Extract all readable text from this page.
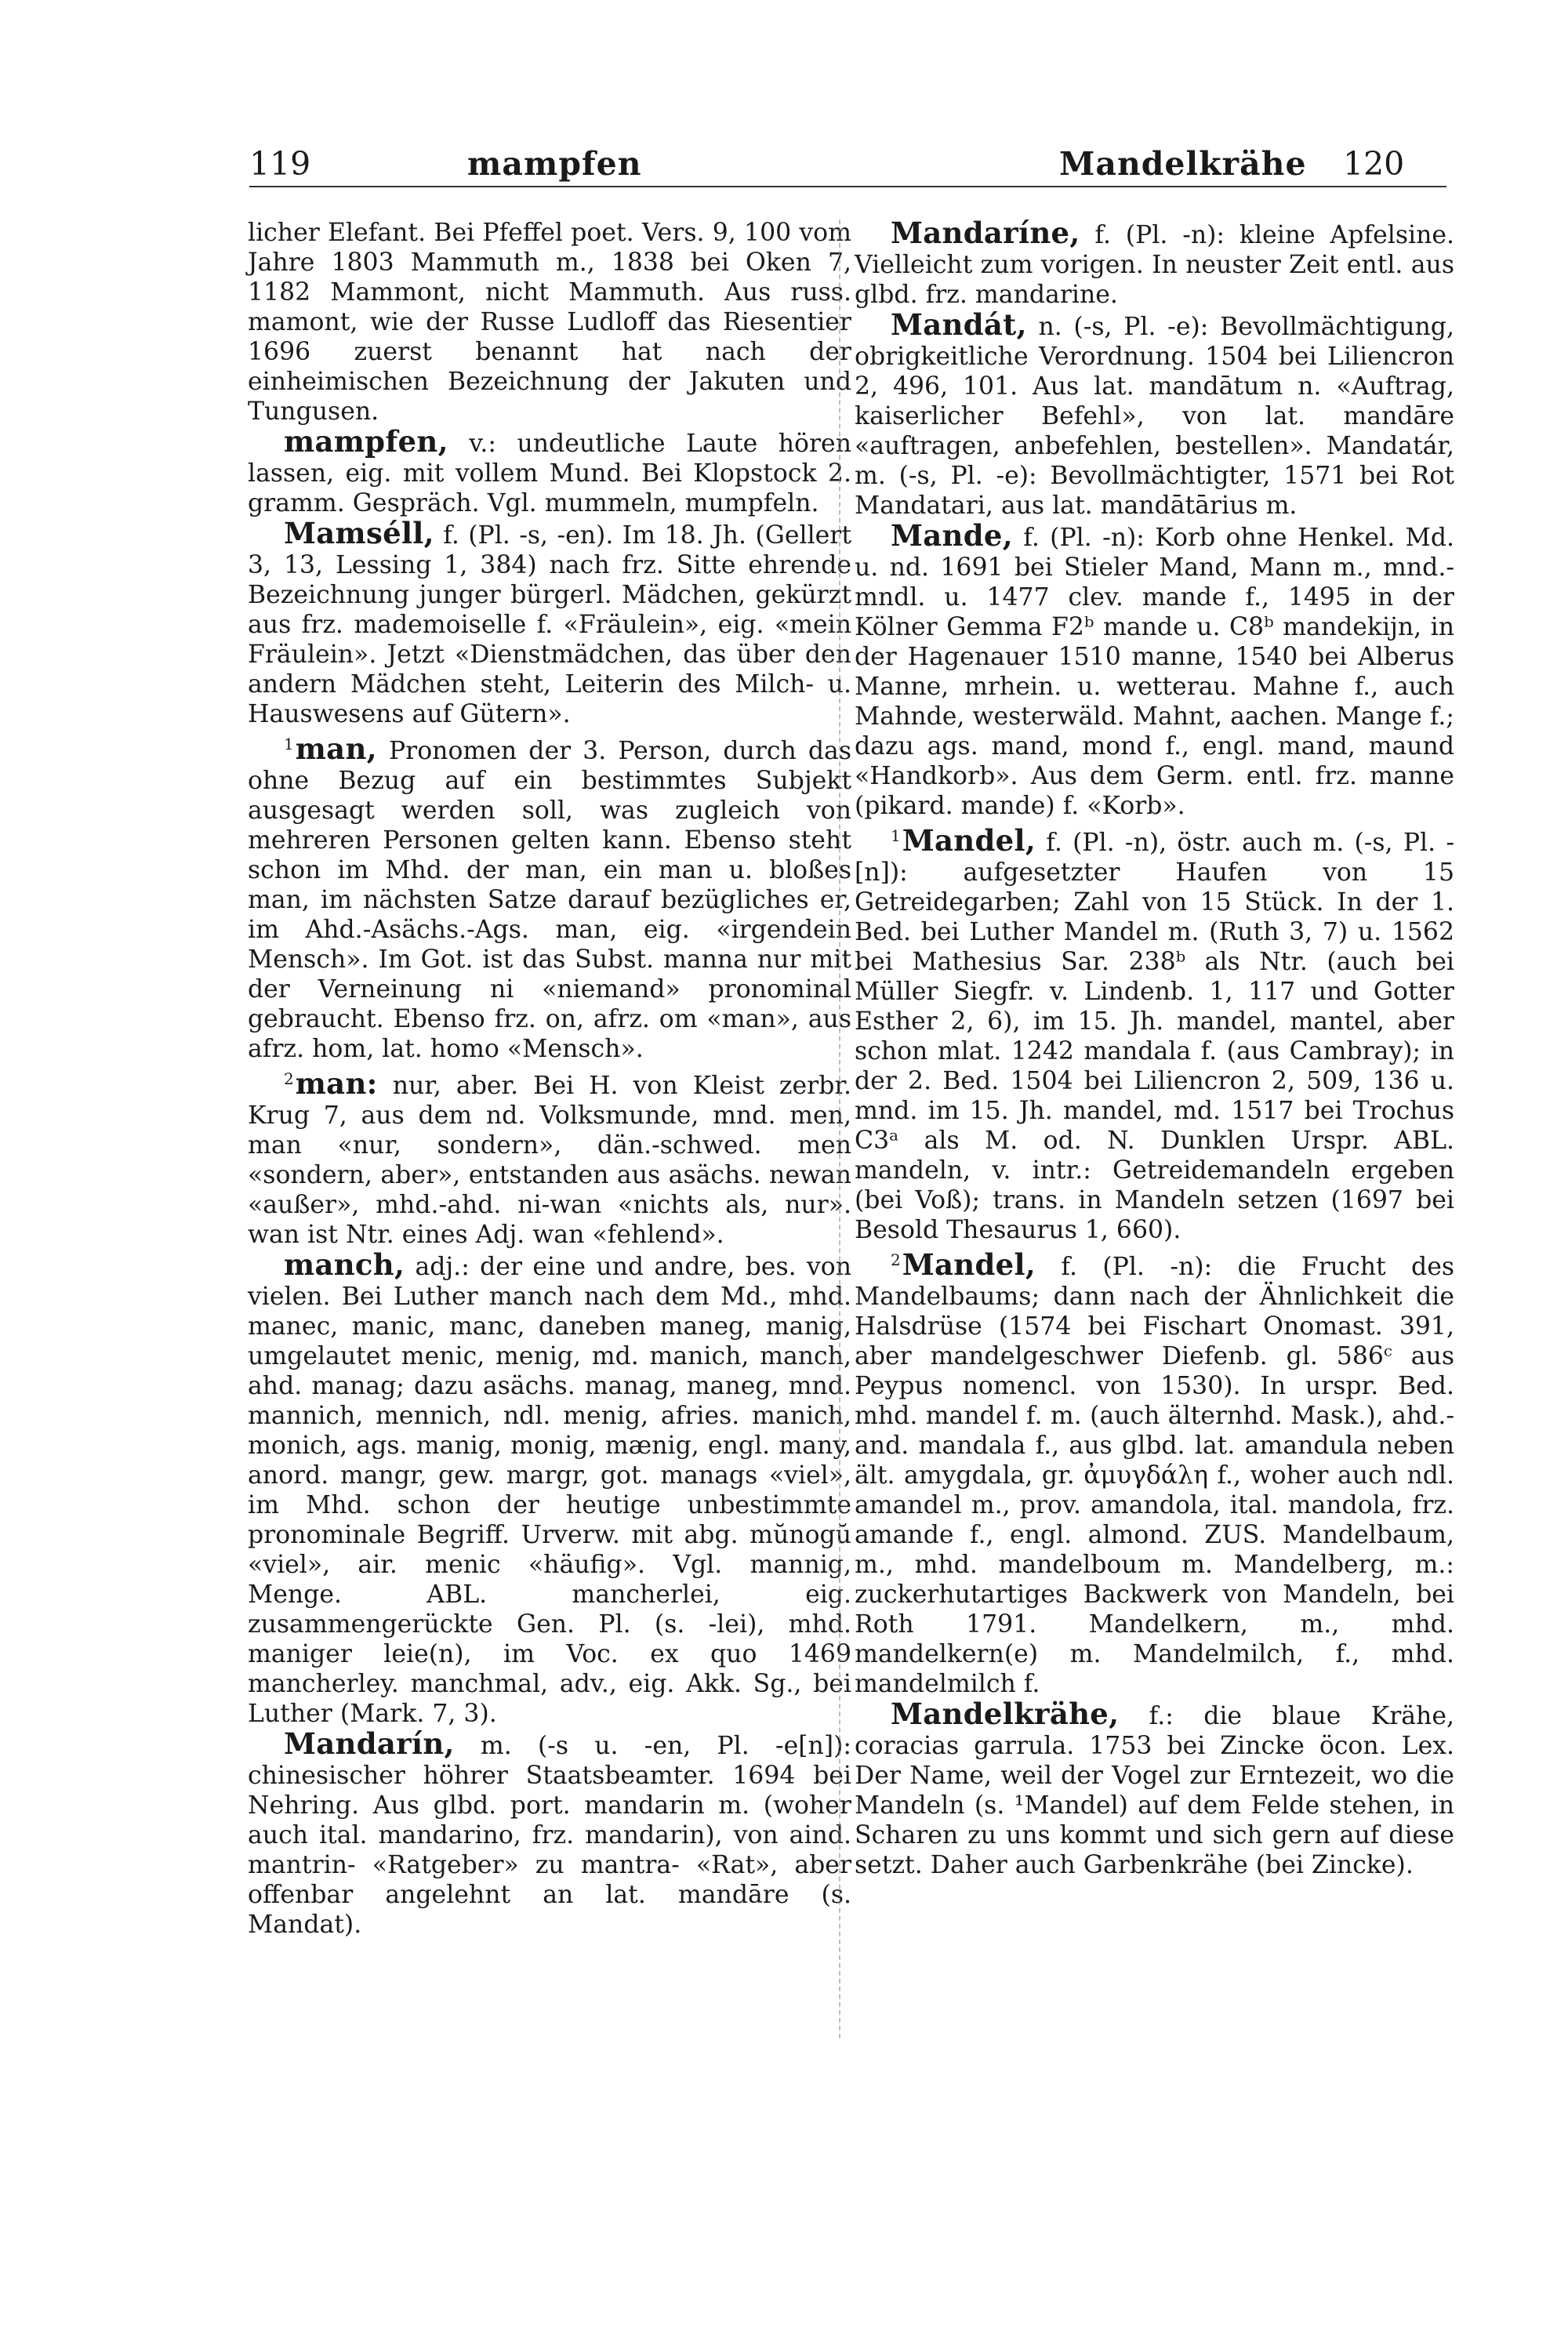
119	mampfen	Mandelkrähe 120

licher Elefant. Bei Pfeffel poet. Vers. 9, 100 vom Jahre 1803 Mammuth m., 1838 bei Oken 7, 1182 Mammont, nicht Mammuth. Aus russ. mamont, wie der Russe Ludloff das Riesentier 1696 zuerst benannt hat nach der einheimischen Bezeichnung der Jakuten und Tungusen.

mampfen, v.: undeutliche Laute hören lassen, eig. mit vollem Mund. Bei Klopstock 2. gramm. Gespräch. Vgl. mummeln, mumpfeln.

Mamséll, f. (Pl. -s, -en). Im 18. Jh. (Gellert 3, 13, Lessing 1, 384) nach frz. Sitte ehrende Bezeichnung junger bürgerl. Mädchen, gekürzt aus frz. mademoiselle f. «Fräulein», eig. «mein Fräulein». Jetzt «Dienstmädchen, das über den andern Mädchen steht, Leiterin des Milch- u. Hauswesens auf Gütern».

$^1$man, Pronomen der 3. Person, durch das ohne Bezug auf ein bestimmtes Subjekt ausgesagt werden soll, was zugleich von mehreren Personen gelten kann. Ebenso steht schon im Mhd. der man, ein man u. bloßes man, im nächsten Satze darauf bezügliches er, im Ahd.-Asächs.-Ags. man, eig. «irgendein Mensch». Im Got. ist das Subst. manna nur mit der Verneinung ni «niemand» pronominal gebraucht. Ebenso frz. on, afrz. om «man», aus afrz. hom, lat. homo «Mensch».

$^2$man: nur, aber. Bei H. von Kleist zerbr. Krug 7, aus dem nd. Volksmunde, mnd. men, man «nur, sondern», dän.-schwed. men «sondern, aber», entstanden aus asächs. newan «außer», mhd.-ahd. ni-wan «nichts als, nur». wan ist Ntr. eines Adj. wan «fehlend».

manch, adj.: der eine und andre, bes. von vielen. Bei Luther manch nach dem Md., mhd. manec, manic, manc, daneben maneg, manig, umgelautet menic, menig, md. manich, manch, ahd. manag; dazu asächs. manag, maneg, mnd. mannich, mennich, ndl. menig, afries. manich, monich, ags. manig, monig, mænig, engl. many, anord. mangr, gew. margr, got. manags «viel», im Mhd. schon der heutige unbestimmte pronominale Begriff. Urverw. mit abg. mŭnogŭ «viel», air. menic «häufig». Vgl. mannig, Menge. ABL. mancherlei, eig. zusammengerückte Gen. Pl. (s. -lei), mhd. maniger leie(n), im Voc. ex quo 1469 mancherley. manchmal, adv., eig. Akk. Sg., bei Luther (Mark. 7, 3).

Mandarín, m. (-s u. -en, Pl. -e[n]): chinesischer höhrer Staatsbeamter. 1694 bei Nehring. Aus glbd. port. mandarin m. (woher auch ital. mandarino, frz. mandarin), von aind. mantrin- «Ratgeber» zu mantra- «Rat», aber offenbar angelehnt an lat. mandāre (s. Mandat).

Mandaríne, f. (Pl. -n): kleine Apfelsine. Vielleicht zum vorigen. In neuster Zeit entl. aus glbd. frz. mandarine.

Mandát, n. (-s, Pl. -e): Bevollmächtigung, obrigkeitliche Verordnung. 1504 bei Liliencron 2, 496, 101. Aus lat. mandātum n. «Auftrag, kaiserlicher Befehl», von lat. mandāre «auftragen, anbefehlen, bestellen». Mandatár, m. (-s, Pl. -e): Bevollmächtigter, 1571 bei Rot Mandatari, aus lat. mandātārius m.

Mande, f. (Pl. -n): Korb ohne Henkel. Md. u. nd. 1691 bei Stieler Mand, Mann m., mnd.-mndl. u. 1477 clev. mande f., 1495 in der Kölner Gemma F2ᵇ mande u. C8ᵇ mandekijn, in der Hagenauer 1510 manne, 1540 bei Alberus Manne, mrhein. u. wetterau. Mahne f., auch Mahnde, westerwäld. Mahnt, aachen. Mange f.; dazu ags. mand, mond f., engl. mand, maund «Handkorb». Aus dem Germ. entl. frz. manne (pikard. mande) f. «Korb».

$^1$Mandel, f. (Pl. -n), östr. auch m. (-s, Pl. -[n]): aufgesetzter Haufen von 15 Getreidegarben; Zahl von 15 Stück. In der 1. Bed. bei Luther Mandel m. (Ruth 3, 7) u. 1562 bei Mathesius Sar. 238ᵇ als Ntr. (auch bei Müller Siegfr. v. Lindenb. 1, 117 und Gotter Esther 2, 6), im 15. Jh. mandel, mantel, aber schon mlat. 1242 mandala f. (aus Cambray); in der 2. Bed. 1504 bei Liliencron 2, 509, 136 u. mnd. im 15. Jh. mandel, md. 1517 bei Trochus C3ᵃ als M. od. N. Dunklen Urspr. ABL. mandeln, v. intr.: Getreidemandeln ergeben (bei Voß); trans. in Mandeln setzen (1697 bei Besold Thesaurus 1, 660).

$^2$Mandel, f. (Pl. -n): die Frucht des Mandelbaums; dann nach der Ähnlichkeit die Halsdrüse (1574 bei Fischart Onomast. 391, aber mandelgeschwer Diefenb. gl. 586ᶜ aus Peypus nomencl. von 1530). In urspr. Bed. mhd. mandel f. m. (auch älternhd. Mask.), ahd.-and. mandala f., aus glbd. lat. amandula neben ält. amygdala, gr. ἀμυγδάλη f., woher auch ndl. amandel m., prov. amandola, ital. mandola, frz. amande f., engl. almond. ZUS. Mandelbaum, m., mhd. mandelboum m. Mandelberg, m.: zuckerhutartiges Backwerk von Mandeln, bei Roth 1791. Mandelkern, m., mhd. mandelkern(e) m. Mandelmilch, f., mhd. mandelmilch f.

Mandelkrähe, f.: die blaue Krähe, coracias garrula. 1753 bei Zincke öcon. Lex. Der Name, weil der Vogel zur Erntezeit, wo die Mandeln (s. ¹Mandel) auf dem Felde stehen, in Scharen zu uns kommt und sich gern auf diese setzt. Daher auch Garbenkrähe (bei Zincke).
